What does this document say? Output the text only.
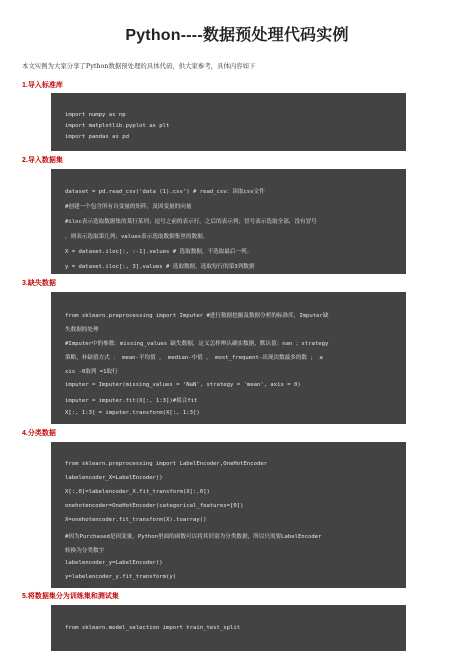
Python----数据预处理代码实例
本文实例为大家分享了Python数据预处理的具体代码，供大家参考，具体内容如下
1.导入标准库
import numpy as np
import matplotlib.pyplot as plt
import pandas as pd
2.导入数据集
dataset = pd.read_csv('data (1).csv') # read_csv：读取csv文件
#创建一个包含所有自变量的矩阵，及因变量的向量
#iloc表示选取数据集的某行某列；逗号之前的表示行，之后的表示列；冒号表示选取全部，没有冒号
，则表示选取第几列；values表示选取数据集里的数据。
X = dataset.iloc[:, :-1].values # 选取数据，不选取最后一列。
y = dataset.iloc[:, 3].values # 选取数据，选取每行的第3列数据
3.缺失数据
from sklearn.preprocessing import Imputer #进行数据挖掘及数据分析的标准库，Imputer缺
失数据的处理
#Imputer中的参数：missing_values 缺失数据，定义怎样辨认确实数据，默认值：nan ；strategy
策略，补缺值方式 ： mean-平均值 ， median-中值 ， most_frequent-出现次数最多的数 ； a
xis -0取列 =1取行
imputer = Imputer(missing_values = 'NaN', strategy = 'mean', axis = 0)
imputer = imputer.fit(X[:, 1:3])#拟合fit
X[:, 1:3] = imputer.transform(X[:, 1:3])
4.分类数据
from sklearn.preprocessing import LabelEncoder,OneHotEncoder
labelencoder_X=LabelEncoder()
X[:,0]=labelencoder_X.fit_transform(X[:,0])
onehotencoder=OneHotEncoder(categorical_features=[0])
X=onehotencoder.fit_transform(X).toarray()
#因为Purchased是因变量，Python里面的函数可以将其识别为分类数据，所以只需要LabelEncoder
转换为分类数字
labelencoder_y=LabelEncoder()
y=labelencoder_y.fit_transform(y)
5.将数据集分为训练集和测试集
from sklearn.model_selection import train_test_split
